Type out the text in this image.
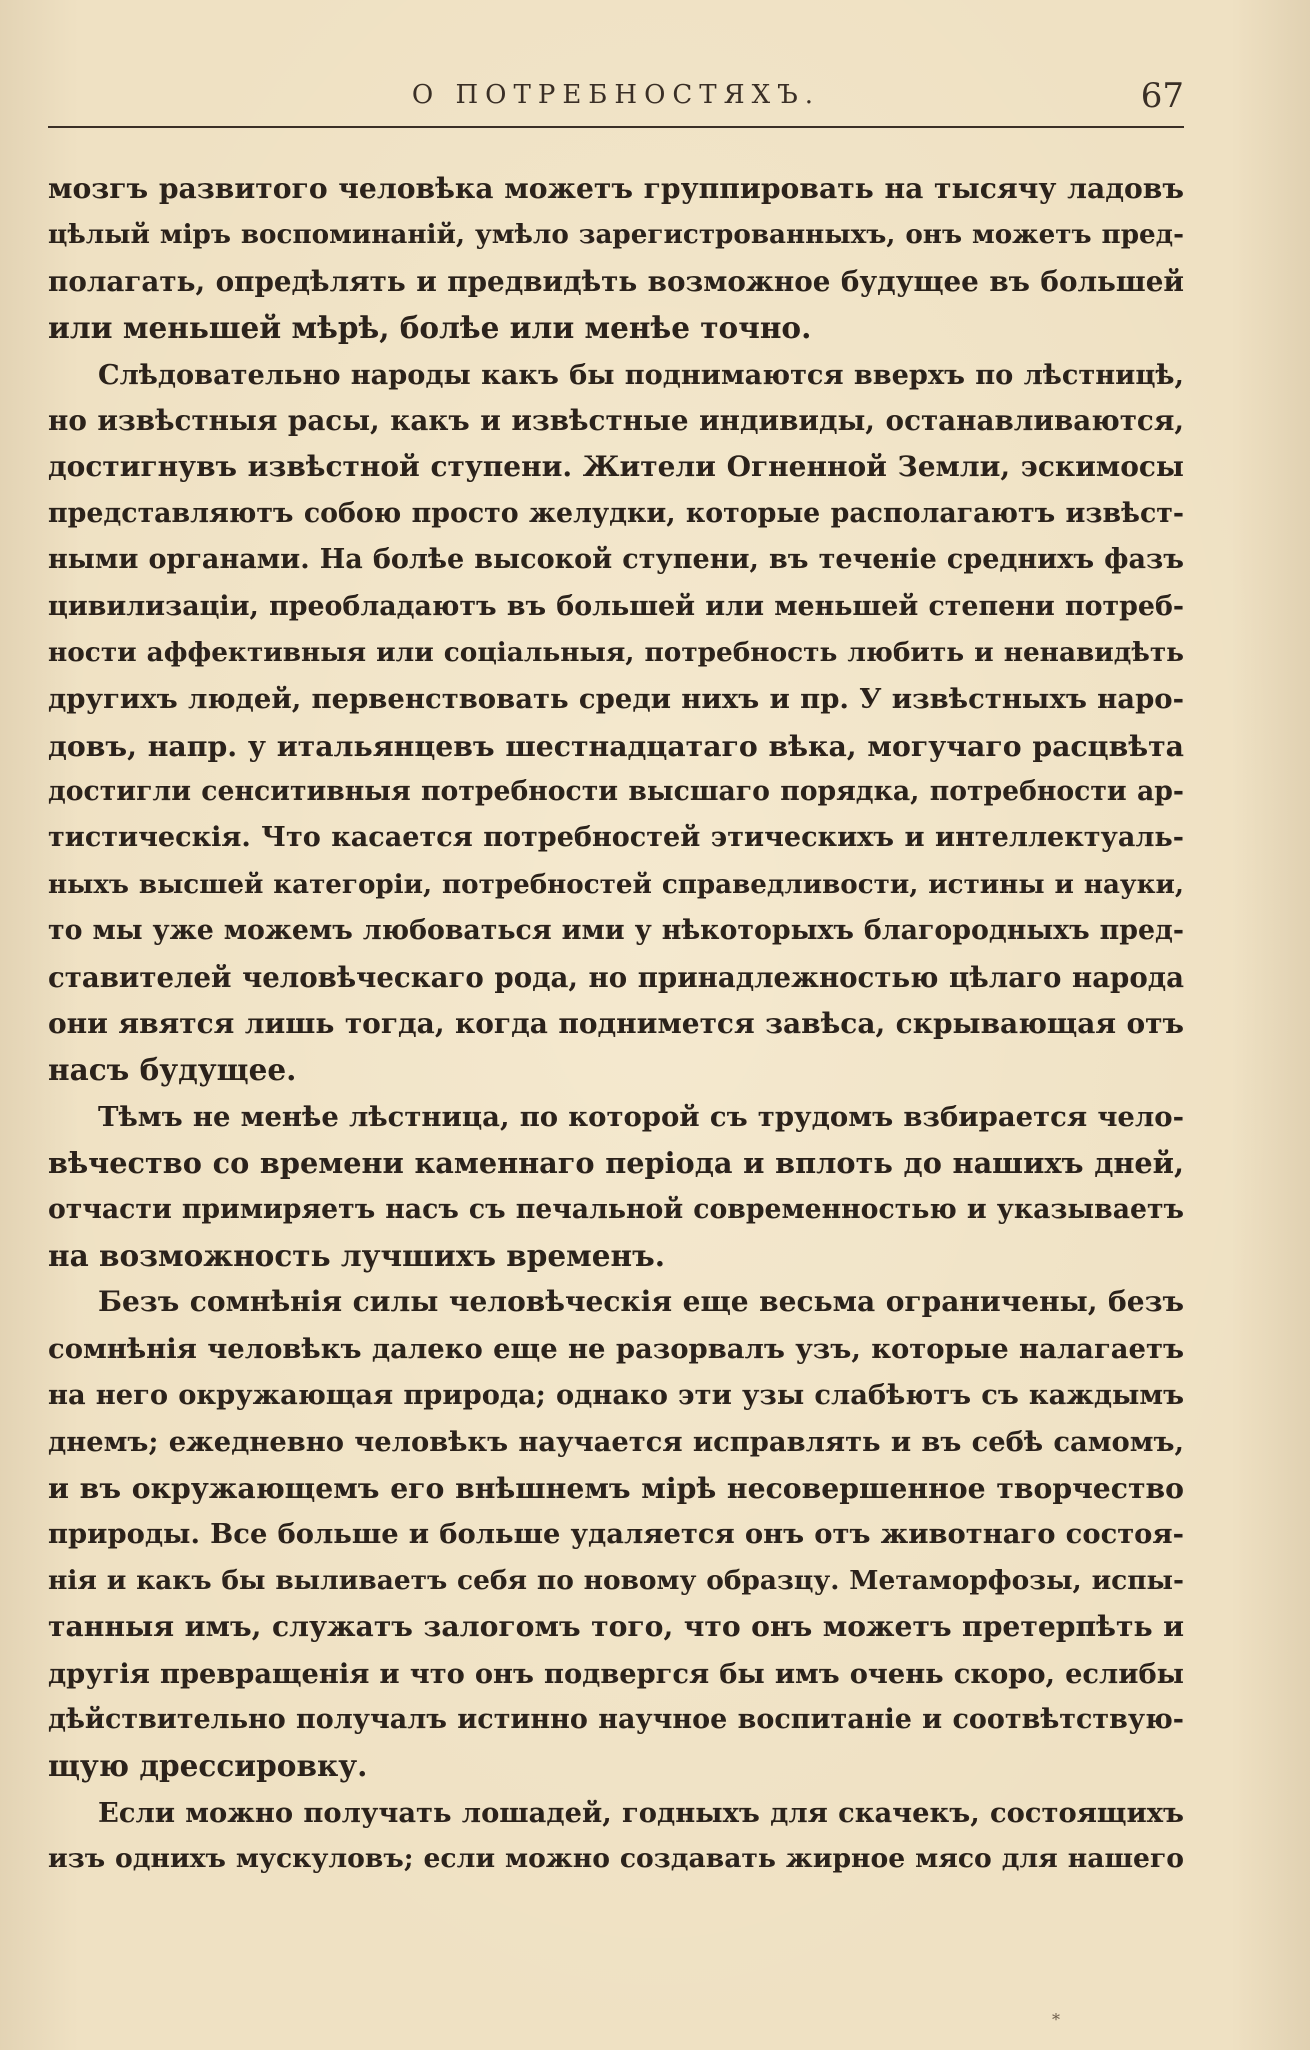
О ПОТРЕБНОСТЯХЪ.	67
мозгъ развитого человѣка можетъ группировать на тысячу ладовъ
цѣлый міръ воспоминаній, умѣло зарегистрованныхъ, онъ можетъ пред-
полагать, опредѣлять и предвидѣть возможное будущее въ большей
или меньшей мѣрѣ, болѣе или менѣе точно.
Слѣдовательно народы какъ бы поднимаются вверхъ по лѣстницѣ,
но извѣстныя расы, какъ и извѣстные индивиды, останавливаются,
достигнувъ извѣстной ступени. Жители Огненной Земли, эскимосы
представляютъ собою просто желудки, которые располагаютъ извѣст-
ными органами. На болѣе высокой ступени, въ теченіе среднихъ фазъ
цивилизаціи, преобладаютъ въ большей или меньшей степени потреб-
ности аффективныя или соціальныя, потребность любить и ненавидѣть
другихъ людей, первенствовать среди нихъ и пр. У извѣстныхъ наро-
довъ, напр. у итальянцевъ шестнадцатаго вѣка, могучаго расцвѣта
достигли сенситивныя потребности высшаго порядка, потребности ар-
тистическія. Что касается потребностей этическихъ и интеллектуаль-
ныхъ высшей категоріи, потребностей справедливости, истины и науки,
то мы уже можемъ любоваться ими у нѣкоторыхъ благородныхъ пред-
ставителей человѣческаго рода, но принадлежностью цѣлаго народа
они явятся лишь тогда, когда поднимется завѣса, скрывающая отъ
насъ будущее.
Тѣмъ не менѣе лѣстница, по которой съ трудомъ взбирается чело-
вѣчество со времени каменнаго періода и вплоть до нашихъ дней,
отчасти примиряетъ насъ съ печальной современностью и указываетъ
на возможность лучшихъ временъ.
Безъ сомнѣнія силы человѣческія еще весьма ограничены, безъ
сомнѣнія человѣкъ далеко еще не разорвалъ узъ, которые налагаетъ
на него окружающая природа; однако эти узы слабѣютъ съ каждымъ
днемъ; ежедневно человѣкъ научается исправлять и въ себѣ самомъ,
и въ окружающемъ его внѣшнемъ мірѣ несовершенное творчество
природы. Все больше и больше удаляется онъ отъ животнаго состоя-
нія и какъ бы выливаетъ себя по новому образцу. Метаморфозы, испы-
танныя имъ, служатъ залогомъ того, что онъ можетъ претерпѣть и
другія превращенія и что онъ подвергся бы имъ очень скоро, еслибы
дѣйствительно получалъ истинно научное воспитаніе и соотвѣтствую-
щую дрессировку.
Если можно получать лошадей, годныхъ для скачекъ, состоящихъ
изъ однихъ мускуловъ; если можно создавать жирное мясо для нашего
*
